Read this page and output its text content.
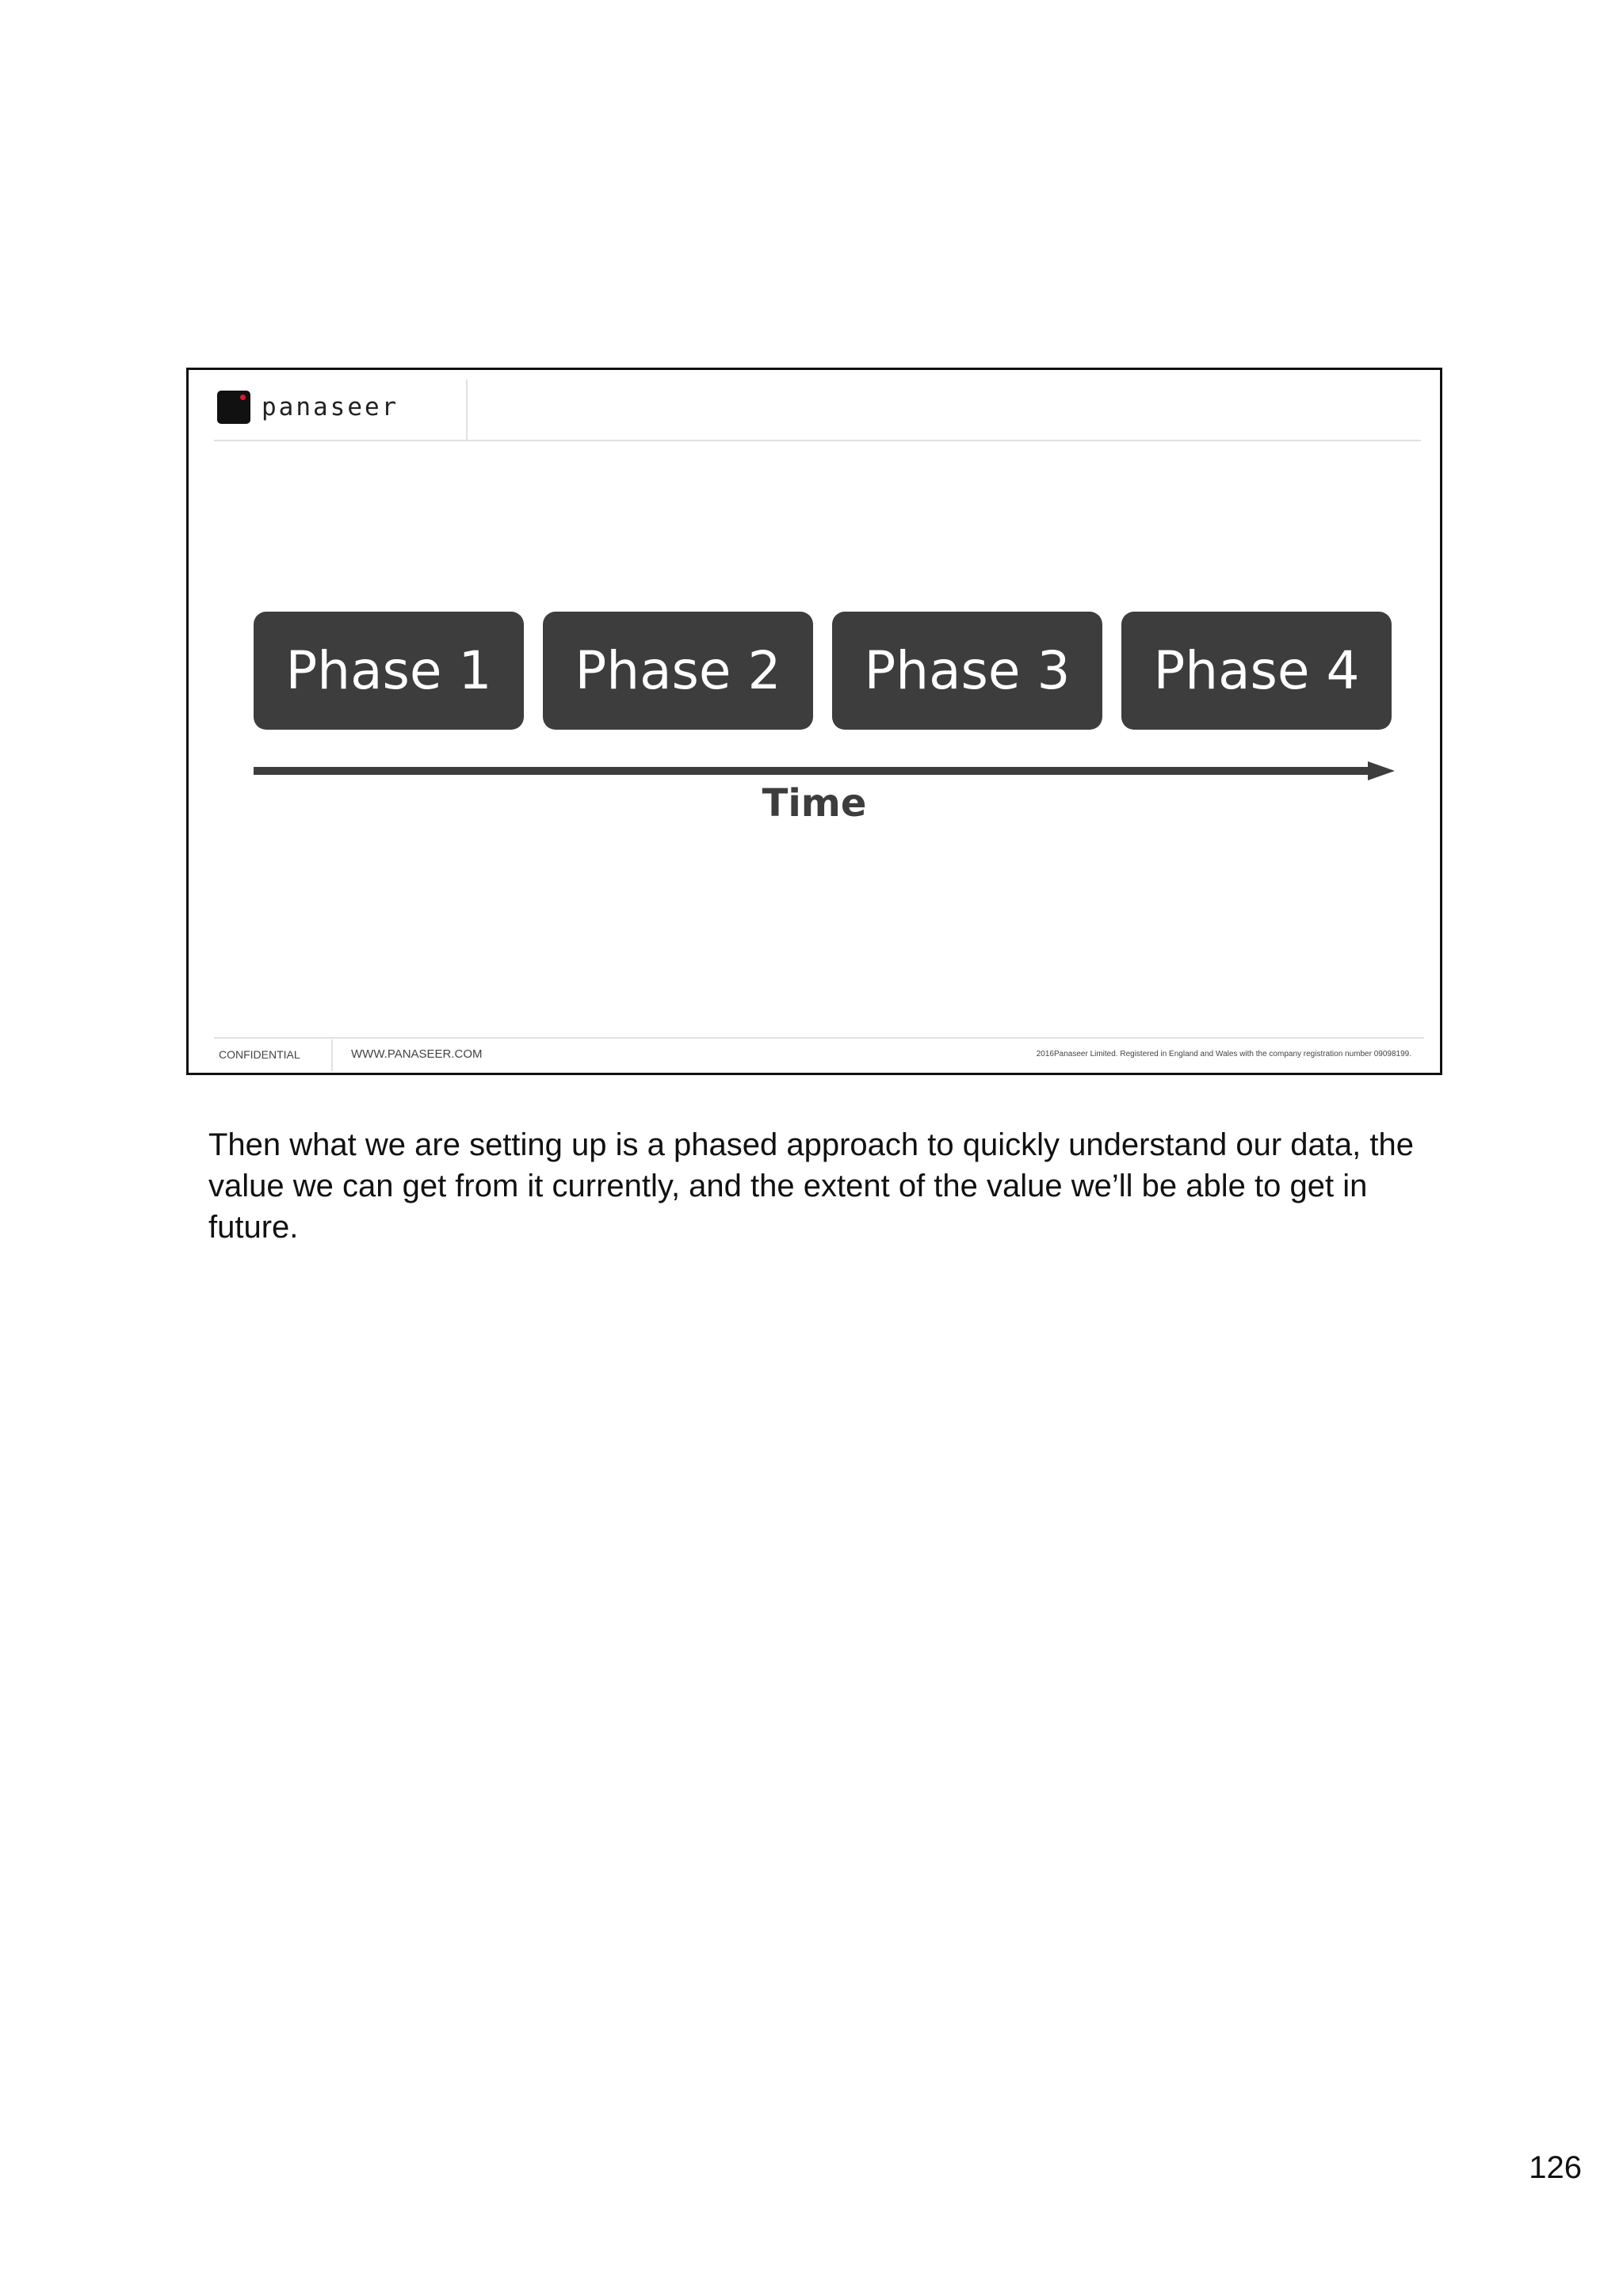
panaseer
Phase 1	Phase 2	Phase 3	Phase 4
Time
CONFIDENTIAL	WWW.PANASEER.COM	2016Panaseer Limited. Registered in England and Wales with the company registration number 09098199.
Then what we are setting up is a phased approach to quickly understand our data, the value we can get from it currently, and the extent of the value we’ll be able to get in future.
126
